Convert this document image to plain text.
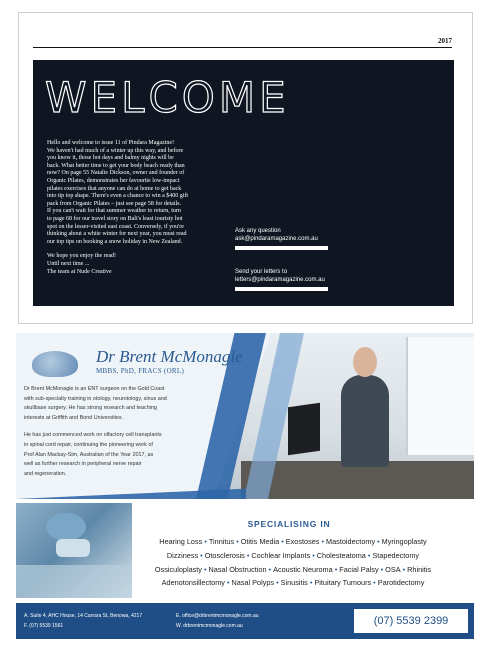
2017
WELCOME

Hello and welcome to issue 11 of Pindara Magazine!
We haven't had much of a winter up this way, and before
you know it, those hot days and balmy nights will be
back. What better time to get your body beach ready than
now? On page 55 Natalie Dickson, owner and founder of
Organic Pilates, demonstrates her favourite low-impact
pilates exercises that anyone can do at home to get back
into tip top shape. There's even a chance to win a $400 gift
pack from Organic Pilates – just see page 58 for details.
If you can't wait for that summer weather to return, turn
to page 68 for our travel story on Bali's least touristy hot
spot on the lesser-visited east coast. Conversely, if you're
thinking about a white winter for next year, you must read
our top tips on booking a snow holiday in New Zealand.

We hope you enjoy the read!
Until next time ...
The team at Nude Creative

Ask any question
ask@pindaramagazine.com.au
Send your letters to
letters@pindaramagazine.com.au
Dr Brent McMonagle
MBBS, PhD, FRACS (ORL)

Dr Brent McMonagle is an ENT surgeon on the Gold Coast
with sub-specialty training in otology, neurotology, sinus and
skullbase surgery. He has strong research and teaching
interests at Griffith and Bond Universities.

He has just commenced work on olfactory cell transplants
in spinal cord repair, continuing the pioneering work of
Prof Alan Mackay-Sim, Australian of the Year 2017, as
well as further research in peripheral nerve repair
and regeneration.

SPECIALISING IN
Hearing Loss • Tinnitus • Otitis Media • Exostoses • Mastoidectomy • Myringoplasty
Dizziness • Otosclerosis • Cochlear Implants • Cholesteatoma • Stapedectomy
Ossiculoplasty • Nasal Obstruction • Acoustic Neuroma • Facial Palsy • OSA • Rhinitis
Adenotonsillectomy • Nasal Polyps • Sinusitis • Pituitary Tumours • Parotidectomy
A. Suite 4, AHC House, 14 Carrara St, Benowa, 4217
F. (07) 5539 1561
E. office@drbrentmcmonagle.com.au
W. drbrentmcmonagle.com.au	(07) 5539 2399
